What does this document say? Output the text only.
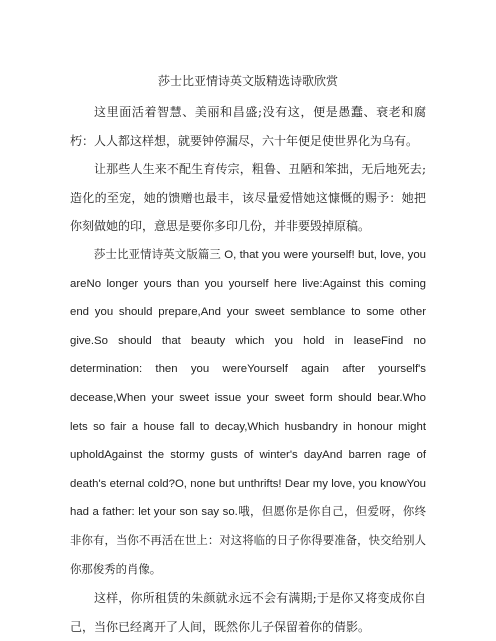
莎士比亚情诗英文版精选诗歌欣赏

这里面活着智慧、美丽和昌盛;没有这，便是愚蠢、衰老和腐朽：人人都这样想，就要钟停漏尽，六十年便足使世界化为乌有。

让那些人生来不配生育传宗，粗鲁、丑陋和笨拙，无后地死去;造化的至宠，她的馈赠也最丰，该尽量爱惜她这慷慨的赐予：她把你刻做她的印，意思是要你多印几份，并非要毁掉原稿。

莎士比亚情诗英文版篇三 O, that you were yourself! but, love, you areNo longer yours than you yourself here live:Against this coming end you should prepare,And your sweet semblance to some other give.So should that beauty which you hold in leaseFind no determination: then you wereYourself again after yourself's decease,When your sweet issue your sweet form should bear.Who lets so fair a house fall to decay,Which husbandry in honour might upholdAgainst the stormy gusts of winter's dayAnd barren rage of death's eternal cold?O, none but unthrifts! Dear my love, you knowYou had a father: let your son say so.哦，但愿你是你自己，但爱呀，你终非你有，当你不再活在世上：对这将临的日子你得要准备，快交给别人你那俊秀的肖像。

这样，你所租赁的朱颜就永远不会有满期;于是你又将变成你自己，当你已经离开了人间，既然你儿子保留着你的倩影。
